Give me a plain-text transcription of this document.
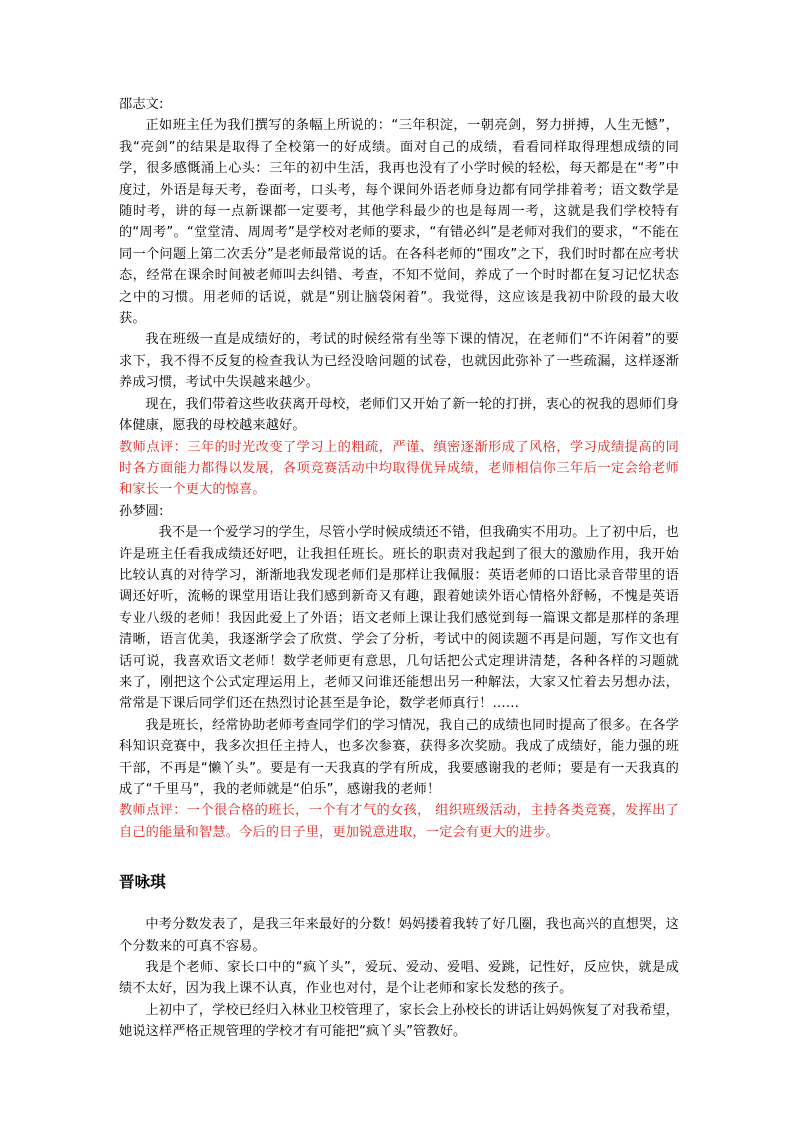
邵志文:

正如班主任为我们撰写的条幅上所说的：“三年积淀，一朝亮剑，努力拼搏，人生无憾”，我“亮剑”的结果是取得了全校第一的好成绩。面对自己的成绩，看看同样取得理想成绩的同学，很多感慨涌上心头：三年的初中生活，我再也没有了小学时候的轻松，每天都是在“考”中度过，外语是每天考，卷面考，口头考，每个课间外语老师身边都有同学排着考；语文数学是随时考，讲的每一点新课都一定要考，其他学科最少的也是每周一考，这就是我们学校特有的“周考”。“堂堂清、周周考”是学校对老师的要求，“有错必纠”是老师对我们的要求，“不能在同一个问题上第二次丢分”是老师最常说的话。在各科老师的“围攻”之下，我们时时都在应考状态，经常在课余时间被老师叫去纠错、考查，不知不觉间，养成了一个时时都在复习记忆状态之中的习惯。用老师的话说，就是“别让脑袋闲着”。我觉得，这应该是我初中阶段的最大收获。

我在班级一直是成绩好的，考试的时候经常有坐等下课的情况，在老师们“不许闲着”的要求下，我不得不反复的检查我认为已经没啥问题的试卷，也就因此弥补了一些疏漏，这样逐渐养成习惯，考试中失误越来越少。

现在，我们带着这些收获离开母校，老师们又开始了新一轮的打拼，衷心的祝我的恩师们身体健康，愿我的母校越来越好。

教师点评：三年的时光改变了学习上的粗疏，严谨、缜密逐渐形成了风格，学习成绩提高的同时各方面能力都得以发展，各项竞赛活动中均取得优异成绩，老师相信你三年后一定会给老师和家长一个更大的惊喜。

孙梦圆:

我不是一个爱学习的学生，尽管小学时候成绩还不错，但我确实不用功。上了初中后，也许是班主任看我成绩还好吧，让我担任班长。班长的职责对我起到了很大的激励作用，我开始比较认真的对待学习，渐渐地我发现老师们是那样让我佩服：英语老师的口语比录音带里的语调还好听，流畅的课堂用语让我们感到新奇又有趣，跟着她读外语心情格外舒畅，不愧是英语专业八级的老师！我因此爱上了外语；语文老师上课让我们感觉到每一篇课文都是那样的条理清晰，语言优美，我逐渐学会了欣赏、学会了分析，考试中的阅读题不再是问题，写作文也有话可说，我喜欢语文老师！数学老师更有意思，几句话把公式定理讲清楚，各种各样的习题就来了，刚把这个公式定理运用上，老师又问谁还能想出另一种解法，大家又忙着去另想办法，常常是下课后同学们还在热烈讨论甚至是争论，数学老师真行！……

我是班长，经常协助老师考查同学们的学习情况，我自己的成绩也同时提高了很多。在各学科知识竞赛中，我多次担任主持人，也多次参赛，获得多次奖励。我成了成绩好，能力强的班干部，不再是“懒丫头”。要是有一天我真的学有所成，我要感谢我的老师；要是有一天我真的成了“千里马”，我的老师就是“伯乐”，感谢我的老师！

教师点评：一个很合格的班长，一个有才气的女孩， 组织班级活动，主持各类竞赛，发挥出了自己的能量和智慧。今后的日子里，更加锐意进取，一定会有更大的进步。

晋咏琪

中考分数发表了，是我三年来最好的分数！妈妈搂着我转了好几圈，我也高兴的直想哭，这个分数来的可真不容易。

我是个老师、家长口中的“疯丫头”，爱玩、爱动、爱唱、爱跳，记性好，反应快，就是成绩不太好，因为我上课不认真，作业也对付，是个让老师和家长发愁的孩子。

上初中了，学校已经归入林业卫校管理了，家长会上孙校长的讲话让妈妈恢复了对我希望，她说这样严格正规管理的学校才有可能把“疯丫头”管教好。
